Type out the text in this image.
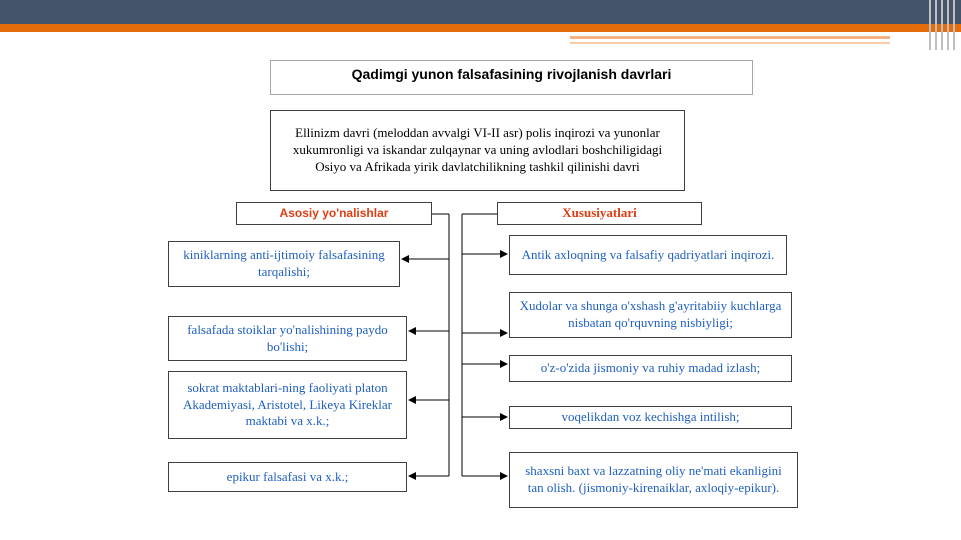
Qadimgi yunon falsafasining rivojlanish davrlari
Ellinizm davri (meloddan avvalgi VI-II asr) polis inqirozi va yunonlar xukumronligi va iskandar zulqaynar va uning avlodlari boshchiligidagi Osiyo va Afrikada yirik davlatchilikning tashkil qilinishi davri
Asosiy yo'nalishlar	Xususiyatlari
kiniklarning anti-ijtimoiy falsafasining tarqalishi;
falsafada stoiklar yo'nalishining paydo bo'lishi;
sokrat maktablari-ning faoliyati platon Akademiyasi, Aristotel, Likeya Kireklar maktabi va x.k.;
epikur falsafasi va x.k.;
Antik axloqning va falsafiy qadriyatlari inqirozi.
Xudolar va shunga o'xshash g'ayritabiiy kuchlarga nisbatan qo'rquvning nisbiyligi;
o'z-o'zida jismoniy va ruhiy madad izlash;
voqelikdan voz kechishga intilish;
shaxsni baxt va lazzatning oliy ne'mati ekanligini tan olish. (jismoniy-kirenaiklar, axloqiy-epikur).
